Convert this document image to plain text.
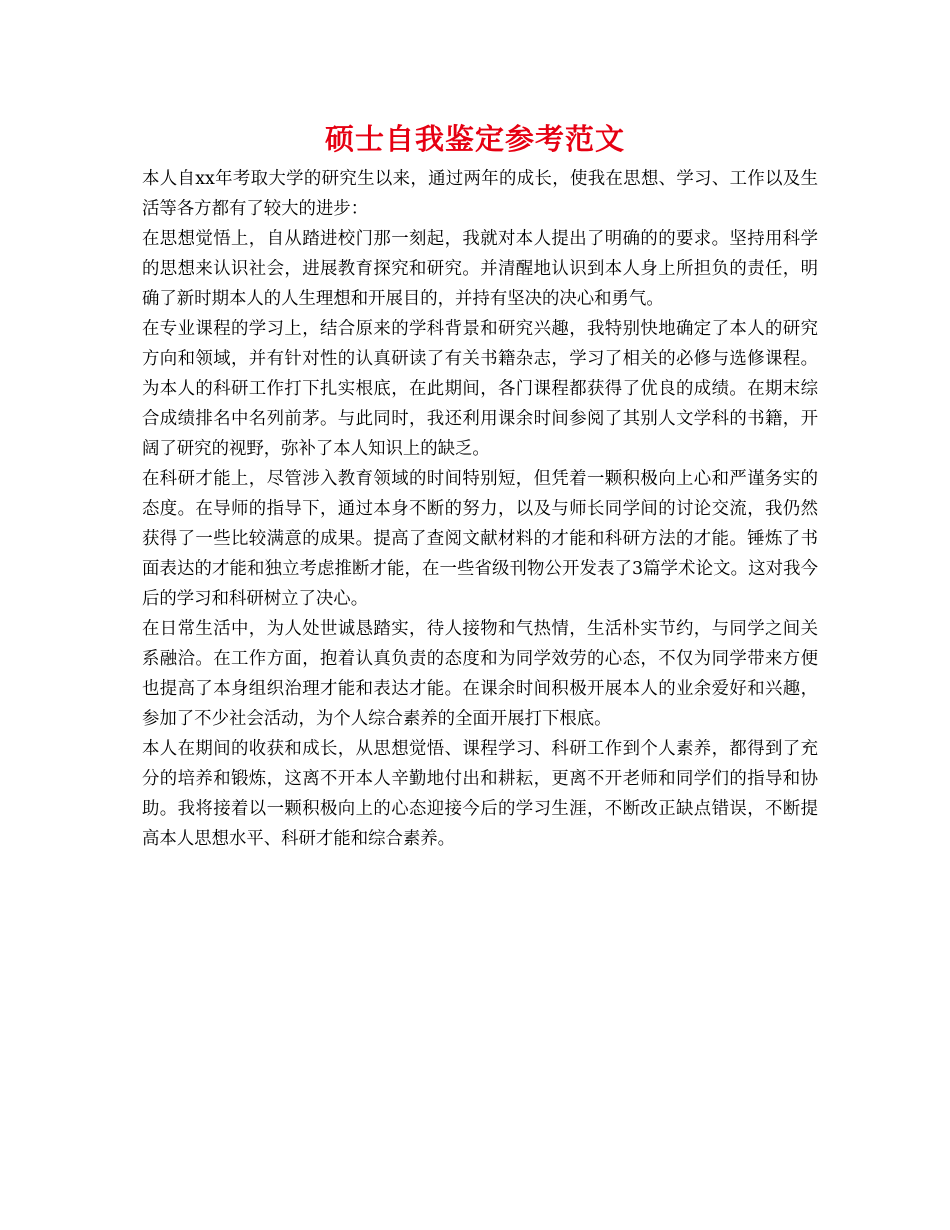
硕士自我鉴定参考范文

本人自xx年考取大学的研究生以来，通过两年的成长，使我在思想、学习、工作以及生活等各方都有了较大的进步：

在思想觉悟上，自从踏进校门那一刻起，我就对本人提出了明确的的要求。坚持用科学的思想来认识社会，进展教育探究和研究。并清醒地认识到本人身上所担负的责任，明确了新时期本人的人生理想和开展目的，并持有坚决的决心和勇气。

在专业课程的学习上，结合原来的学科背景和研究兴趣，我特别快地确定了本人的研究方向和领域，并有针对性的认真研读了有关书籍杂志，学习了相关的必修与选修课程。为本人的科研工作打下扎实根底，在此期间，各门课程都获得了优良的成绩。在期末综合成绩排名中名列前茅。与此同时，我还利用课余时间参阅了其别人文学科的书籍，开阔了研究的视野，弥补了本人知识上的缺乏。

在科研才能上，尽管涉入教育领域的时间特别短，但凭着一颗积极向上心和严谨务实的态度。在导师的指导下，通过本身不断的努力，以及与师长同学间的讨论交流，我仍然获得了一些比较满意的成果。提高了查阅文献材料的才能和科研方法的才能。锤炼了书面表达的才能和独立考虑推断才能，在一些省级刊物公开发表了3篇学术论文。这对我今后的学习和科研树立了决心。

在日常生活中，为人处世诚恳踏实，待人接物和气热情，生活朴实节约，与同学之间关系融洽。在工作方面，抱着认真负责的态度和为同学效劳的心态，不仅为同学带来方便也提高了本身组织治理才能和表达才能。在课余时间积极开展本人的业余爱好和兴趣，参加了不少社会活动，为个人综合素养的全面开展打下根底。

本人在期间的收获和成长，从思想觉悟、课程学习、科研工作到个人素养，都得到了充分的培养和锻炼，这离不开本人辛勤地付出和耕耘，更离不开老师和同学们的指导和协助。我将接着以一颗积极向上的心态迎接今后的学习生涯，不断改正缺点错误，不断提高本人思想水平、科研才能和综合素养。
